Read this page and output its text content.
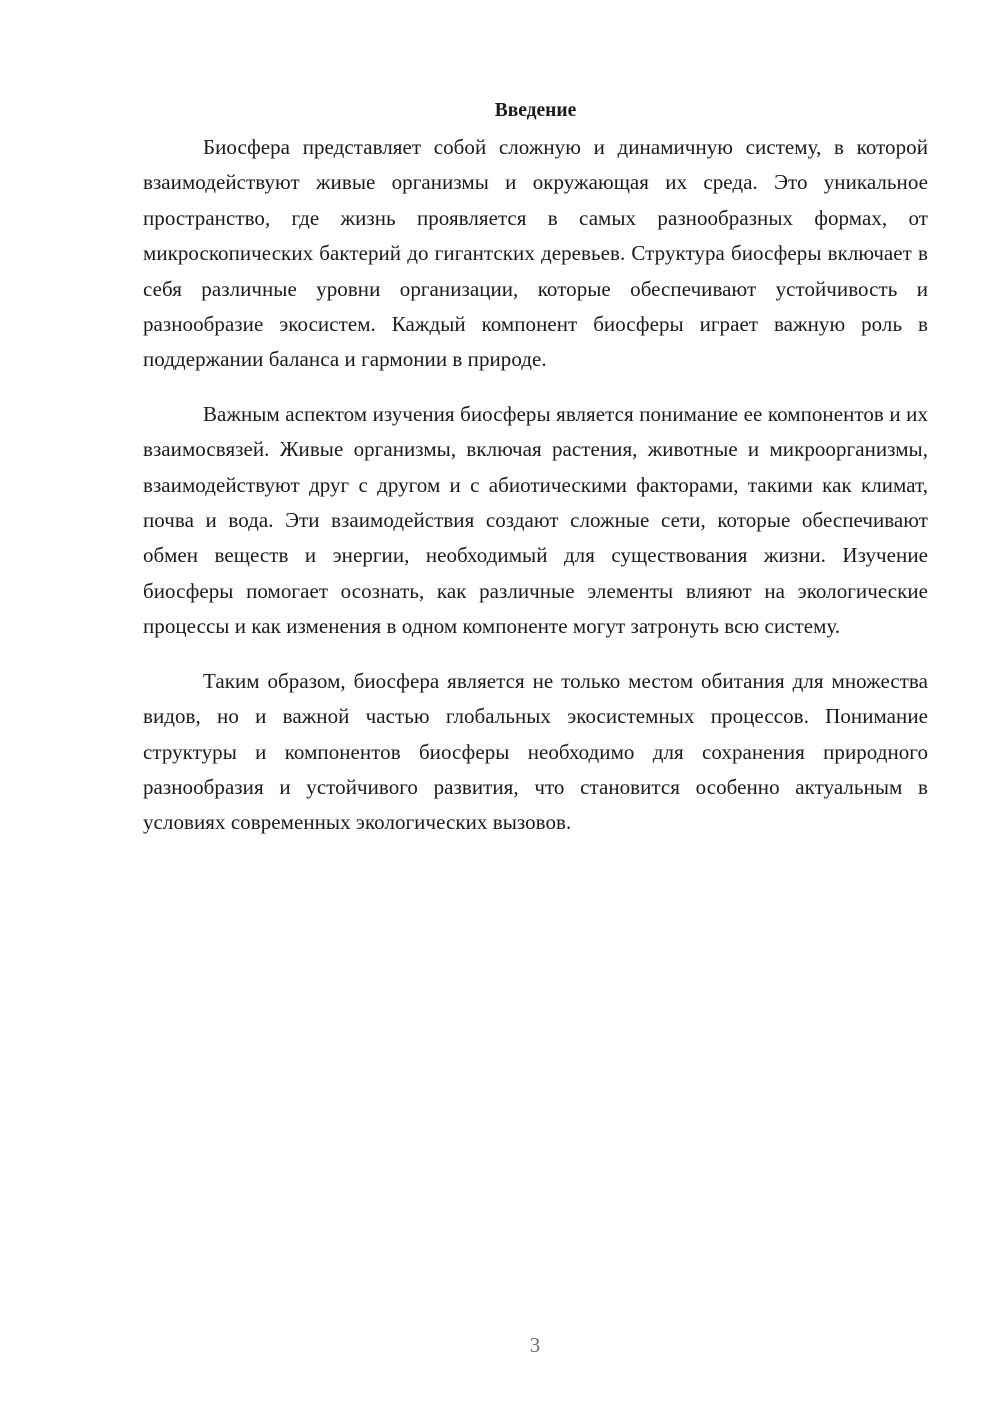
Введение

Биосфера представляет собой сложную и динамичную систему, в которой взаимодействуют живые организмы и окружающая их среда. Это уникальное пространство, где жизнь проявляется в самых разнообразных формах, от микроскопических бактерий до гигантских деревьев. Структура биосферы включает в себя различные уровни организации, которые обеспечивают устойчивость и разнообразие экосистем. Каждый компонент биосферы играет важную роль в поддержании баланса и гармонии в природе.

Важным аспектом изучения биосферы является понимание ее компонентов и их взаимосвязей. Живые организмы, включая растения, животные и микроорганизмы, взаимодействуют друг с другом и с абиотическими факторами, такими как климат, почва и вода. Эти взаимодействия создают сложные сети, которые обеспечивают обмен веществ и энергии, необходимый для существования жизни. Изучение биосферы помогает осознать, как различные элементы влияют на экологические процессы и как изменения в одном компоненте могут затронуть всю систему.

Таким образом, биосфера является не только местом обитания для множества видов, но и важной частью глобальных экосистемных процессов. Понимание структуры и компонентов биосферы необходимо для сохранения природного разнообразия и устойчивого развития, что становится особенно актуальным в условиях современных экологических вызовов.

3
